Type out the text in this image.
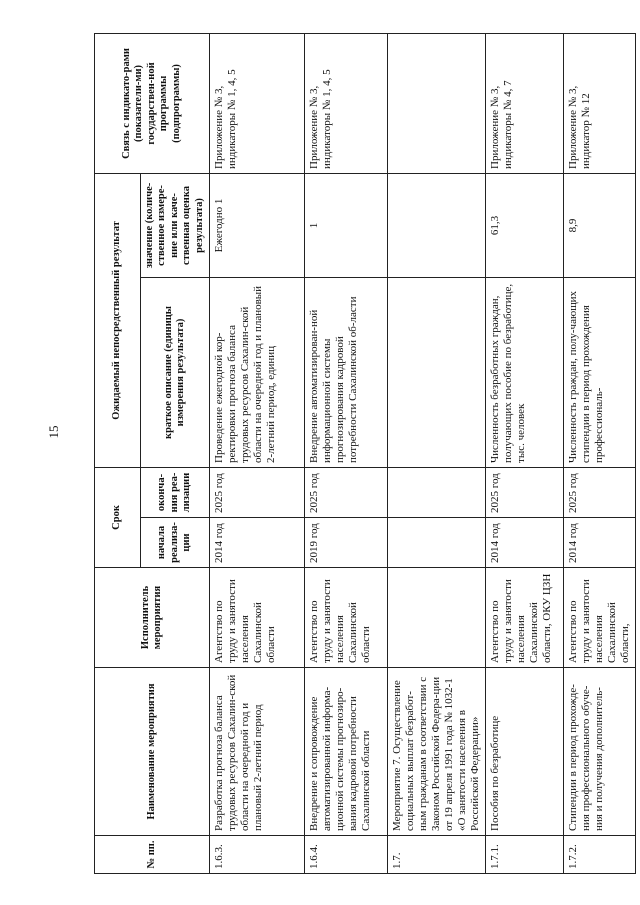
15
№ пп.	Наименование мероприятия	Исполнитель мероприятия	Срок		Ожидаемый непосредственный результат		Связь с индикато-рами (показатели-ми) государствен-ной программы (подпрограммы)
			начала реализа-ции	оконча-ния реа-лизации	краткое описание (единицы измерения результата)	значение (количе-ственное измере-ние или каче-ственная оценка результата)	
1.6.3.	Разработка прогноза баланса трудовых ресурсов Сахалин-ской области на очередной год и плановый 2-летний период	Агентство по труду и занятости населения Сахалинской области	2014 год	2025 год	Проведение ежегодной кор-ректировки прогноза баланса трудовых ресурсов Сахалин-ской области на очередной год и плановый 2-летний период, единиц	Ежегодно 1	Приложение № 3, индикаторы № 1, 4, 5
1.6.4.	Внедрение и сопровождение автоматизированной информа-ционной системы прогнозиро-вания кадровой потребности Сахалинской области	Агентство по труду и занятости населения Сахалинской области	2019 год	2025 год	Внедрение автоматизирован-ной информационной системы прогнозирования кадровой потребности Сахалинской об-ласти	1	Приложение № 3, индикаторы № 1, 4, 5
1.7.	Мероприятие 7. Осуществление социальных выплат безработ-ным гражданам в соответствии с Законом Российской Федера-ции от 19 апреля 1991 года № 1032-1 «О занятости населения в Российской Федерации»						
1.7.1.	Пособия по безработице	Агентство по труду и занятости населения Сахалинской области, ОКУ ЦЗН	2014 год	2025 год	Численность безработных граждан, получающих пособие по безработице, тыс. человек	61,3	Приложение № 3, индикаторы № 4, 7
1.7.2.	Стипендии в период прохожде-ния профессионального обуче-ния и получения дополнитель-	Агентство по труду и занятости населения Сахалинской области,	2014 год	2025 год	Численность граждан, полу-чающих стипендии в период прохождения профессиональ-	8,9	Приложение № 3, индикатор № 12
